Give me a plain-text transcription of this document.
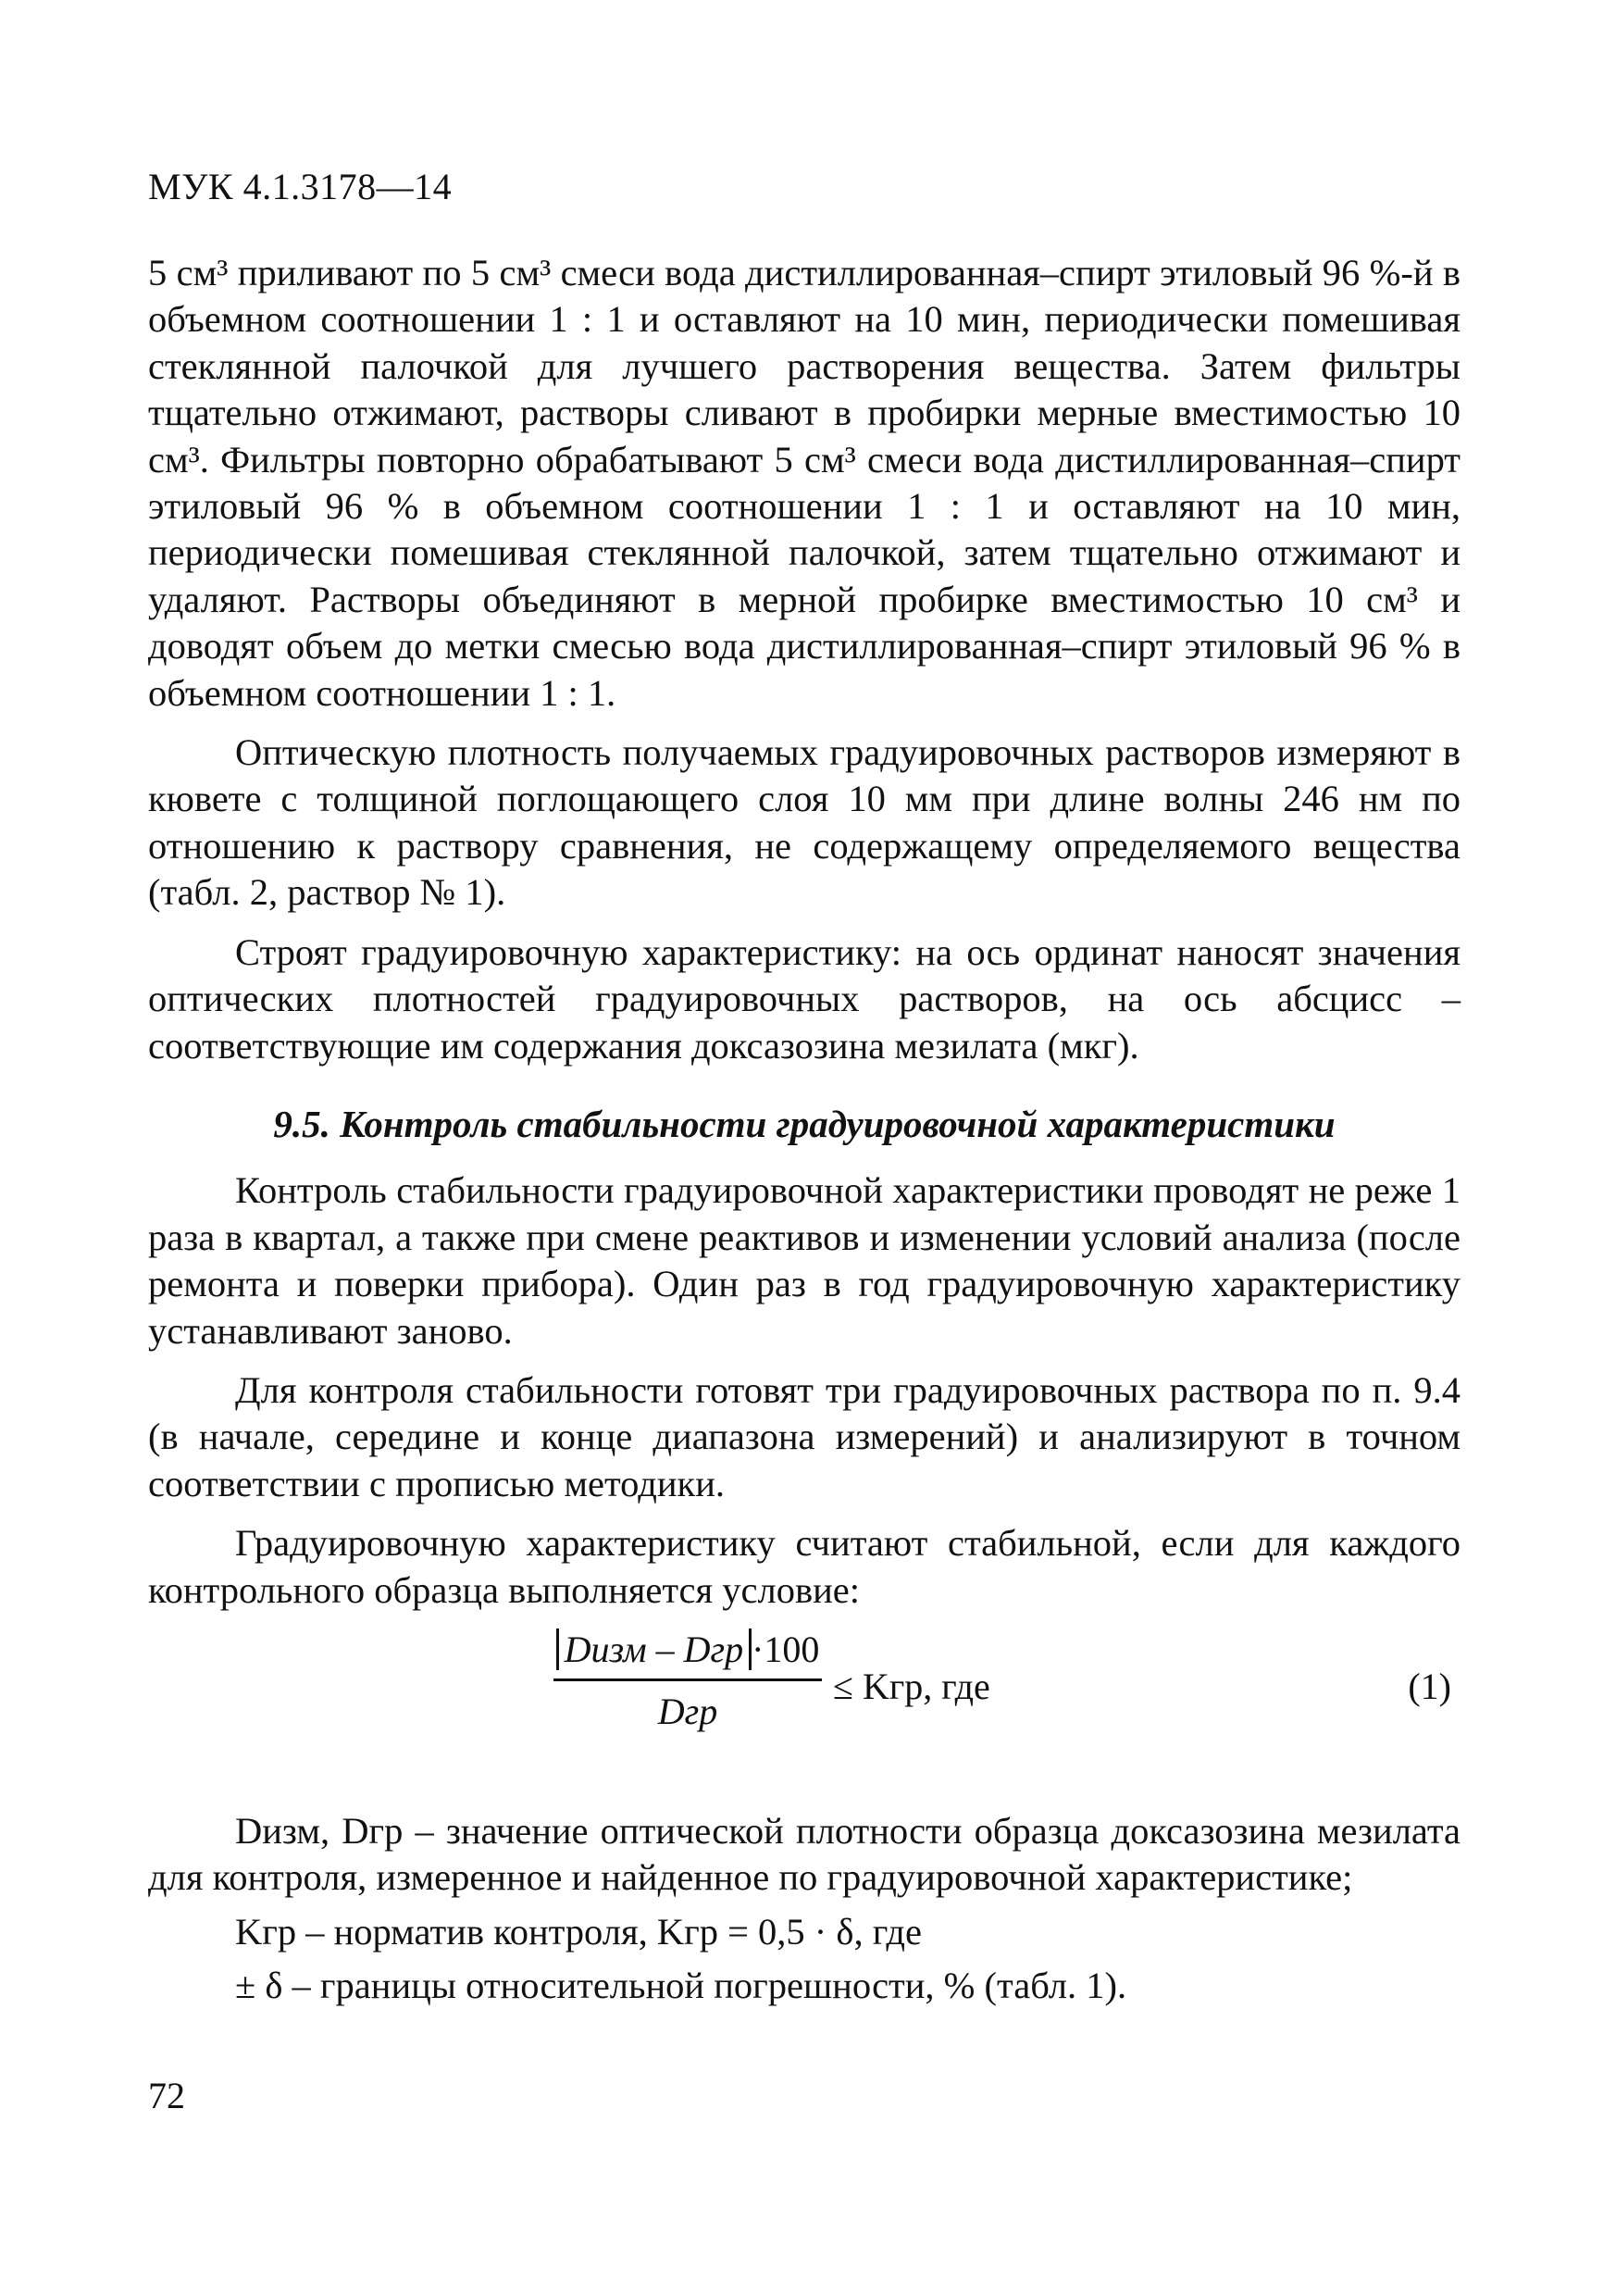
МУК 4.1.3178—14

5 см³ приливают по 5 см³ смеси вода дистиллированная–спирт этиловый 96 %-й в объемном соотношении 1 : 1 и оставляют на 10 мин, периодически помешивая стеклянной палочкой для лучшего растворения вещества. Затем фильтры тщательно отжимают, растворы сливают в пробирки мерные вместимостью 10 см³. Фильтры повторно обрабатывают 5 см³ смеси вода дистиллированная–спирт этиловый 96 % в объемном соотношении 1 : 1 и оставляют на 10 мин, периодически помешивая стеклянной палочкой, затем тщательно отжимают и удаляют. Растворы объединяют в мерной пробирке вместимостью 10 см³ и доводят объем до метки смесью вода дистиллированная–спирт этиловый 96 % в объемном соотношении 1 : 1.

Оптическую плотность получаемых градуировочных растворов измеряют в кювете с толщиной поглощающего слоя 10 мм при длине волны 246 нм по отношению к раствору сравнения, не содержащему определяемого вещества (табл. 2, раствор № 1).

Строят градуировочную характеристику: на ось ординат наносят значения оптических плотностей градуировочных растворов, на ось абсцисс – соответствующие им содержания доксазозина мезилата (мкг).

9.5. Контроль стабильности градуировочной характеристики

Контроль стабильности градуировочной характеристики проводят не реже 1 раза в квартал, а также при смене реактивов и изменении условий анализа (после ремонта и поверки прибора). Один раз в год градуировочную характеристику устанавливают заново.

Для контроля стабильности готовят три градуировочных раствора по п. 9.4 (в начале, середине и конце диапазона измерений) и анализируют в точном соответствии с прописью методики.

Градуировочную характеристику считают стабильной, если для каждого контрольного образца выполняется условие:

Dизм – Dгр ·100
Dгр
≤ Kгр, где	(1)

Dизм, Dгр – значение оптической плотности образца доксазозина мезилата для контроля, измеренное и найденное по градуировочной характеристике;

Kгр – норматив контроля, Kгр = 0,5 · δ, где

± δ – границы относительной погрешности, % (табл. 1).

72
